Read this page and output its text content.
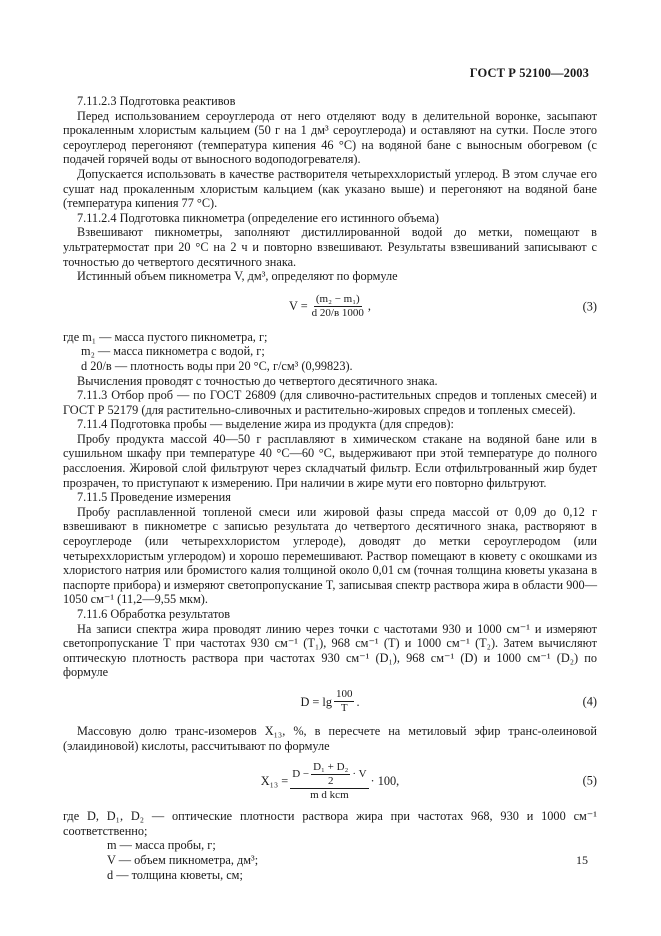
ГОСТ Р 52100—2003

7.11.2.3 Подготовка реактивов

Перед использованием сероуглерода от него отделяют воду в делительной воронке, засыпают прокаленным хлористым кальцием (50 г на 1 дм³ сероуглерода) и оставляют на сутки. После этого сероуглерод перегоняют (температура кипения 46 °С) на водяной бане с выносным обогревом (с подачей горячей воды от выносного водоподогревателя).

Допускается использовать в качестве растворителя четыреххлористый углерод. В этом случае его сушат над прокаленным хлористым кальцием (как указано выше) и перегоняют на водяной бане (температура кипения 77 °С).

7.11.2.4 Подготовка пикнометра (определение его истинного объема)

Взвешивают пикнометры, заполняют дистиллированной водой до метки, помещают в ультратермостат при 20 °С на 2 ч и повторно взвешивают. Результаты взвешиваний записывают с точностью до четвертого десятичного знака.

Истинный объем пикнометра V, дм³, определяют по формуле

$V = \frac{\text{(m₂ − m₁)}}{d 20/в 1000}$ ,	(3)

где m₁ — масса пустого пикнометра, г;

m₂ — масса пикнометра с водой, г;

d 20/в — плотность воды при 20 °С, г/см³ (0,99823).

Вычисления проводят с точностью до четвертого десятичного знака.

7.11.3 Отбор проб — по ГОСТ 26809 (для сливочно-растительных спредов и топленых смесей) и ГОСТ Р 52179 (для растительно-сливочных и растительно-жировых спредов и топленых смесей).

7.11.4 Подготовка пробы — выделение жира из продукта (для спредов):

Пробу продукта массой 40—50 г расплавляют в химическом стакане на водяной бане или в сушильном шкафу при температуре 40 °С—60 °С, выдерживают при этой температуре до полного расслоения. Жировой слой фильтруют через складчатый фильтр. Если отфильтрованный жир будет прозрачен, то приступают к измерению. При наличии в жире мути его повторно фильтруют.

7.11.5 Проведение измерения

Пробу расплавленной топленой смеси или жировой фазы спреда массой от 0,09 до 0,12 г взвешивают в пикнометре с записью результата до четвертого десятичного знака, растворяют в сероуглероде (или четыреххлористом углероде), доводят до метки сероуглеродом (или четыреххлористым углеродом) и хорошо перемешивают. Раствор помещают в кювету с окошками из хлористого натрия или бромистого калия толщиной около 0,01 см (точная толщина кюветы указана в паспорте прибора) и измеряют светопропускание T, записывая спектр раствора жира в области 900—1050 см⁻¹ (11,2—9,55 мкм).

7.11.6 Обработка результатов

На записи спектра жира проводят линию через точки с частотами 930 и 1000 см⁻¹ и измеряют светопропускание T при частотах 930 см⁻¹ (T₁), 968 см⁻¹ (T) и 1000 см⁻¹ (T₂). Затем вычисляют оптическую плотность раствора при частотах 930 см⁻¹ (D₁), 968 см⁻¹ (D) и 1000 см⁻¹ (D₂) по формуле

$D = \lg \frac{100}{T}$ .	(4)

Массовую долю транс-изомеров X₁₃, %, в пересчете на метиловый эфир транс-олеиновой (элаидиновой) кислоты, рассчитывают по формуле

X₁₃ =
$D - \frac{\text{D₁ + D₂}}{2} \cdot V$
m d kcm
· 100,	(5)

где D, D₁, D₂ — оптические плотности раствора жира при частотах 968, 930 и 1000 см⁻¹ соответственно;

m — масса пробы, г;

V — объем пикнометра, дм³;

d — толщина кюветы, см;

15
